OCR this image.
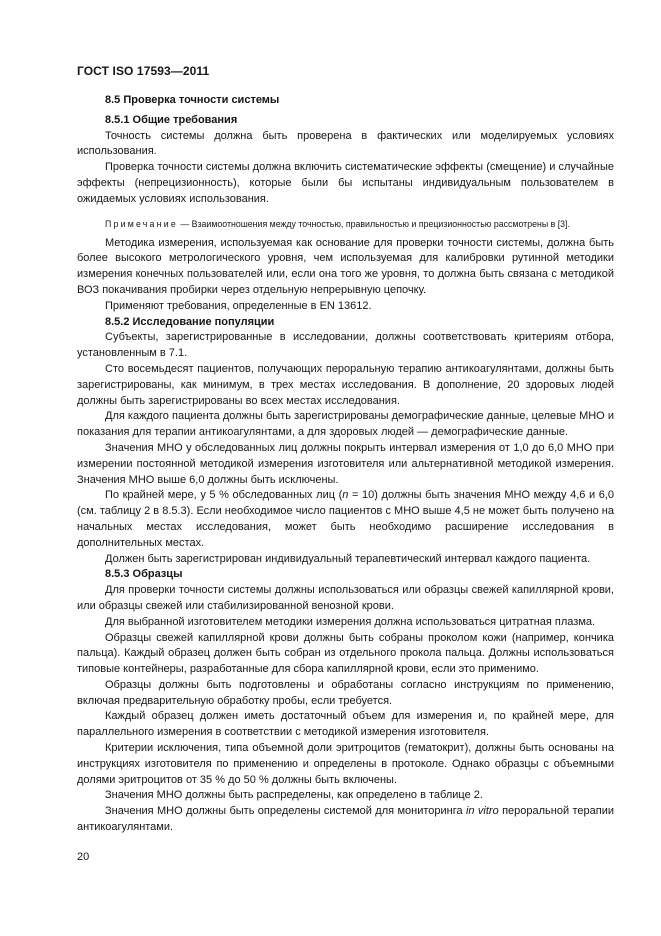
ГОСТ ISO 17593—2011

8.5 Проверка точности системы

8.5.1 Общие требования

Точность системы должна быть проверена в фактических или моделируемых условиях использования.

Проверка точности системы должна включить систематические эффекты (смещение) и случайные эффекты (непрецизионность), которые были бы испытаны индивидуальным пользователем в ожидаемых условиях использования.

Примечание — Взаимоотношения между точностью, правильностью и прецизионностью рассмотрены в [3].

Методика измерения, используемая как основание для проверки точности системы, должна быть более высокого метрологического уровня, чем используемая для калибровки рутинной методики измерения конечных пользователей или, если она того же уровня, то должна быть связана с методикой ВОЗ покачивания пробирки через отдельную непрерывную цепочку.

Применяют требования, определенные в EN 13612.

8.5.2 Исследование популяции

Субъекты, зарегистрированные в исследовании, должны соответствовать критериям отбора, установленным в 7.1.

Сто восемьдесят пациентов, получающих пероральную терапию антикоагулянтами, должны быть зарегистрированы, как минимум, в трех местах исследования. В дополнение, 20 здоровых людей должны быть зарегистрированы во всех местах исследования.

Для каждого пациента должны быть зарегистрированы демографические данные, целевые МНО и показания для терапии антикоагулянтами, а для здоровых людей — демографические данные.

Значения МНО у обследованных лиц должны покрыть интервал измерения от 1,0 до 6,0 МНО при измерении постоянной методикой измерения изготовителя или альтернативной методикой измерения. Значения МНО выше 6,0 должны быть исключены.

По крайней мере, у 5 % обследованных лиц (n = 10) должны быть значения МНО между 4,6 и 6,0 (см. таблицу 2 в 8.5.3). Если необходимое число пациентов с МНО выше 4,5 не может быть получено на начальных местах исследования, может быть необходимо расширение исследования в дополнительных местах.

Должен быть зарегистрирован индивидуальный терапевтический интервал каждого пациента.

8.5.3 Образцы

Для проверки точности системы должны использоваться или образцы свежей капиллярной крови, или образцы свежей или стабилизированной венозной крови.

Для выбранной изготовителем методики измерения должна использоваться цитратная плазма.

Образцы свежей капиллярной крови должны быть собраны проколом кожи (например, кончика пальца). Каждый образец должен быть собран из отдельного прокола пальца. Должны использоваться типовые контейнеры, разработанные для сбора капиллярной крови, если это применимо.

Образцы должны быть подготовлены и обработаны согласно инструкциям по применению, включая предварительную обработку пробы, если требуется.

Каждый образец должен иметь достаточный объем для измерения и, по крайней мере, для параллельного измерения в соответствии с методикой измерения изготовителя.

Критерии исключения, типа объемной доли эритроцитов (гематокрит), должны быть основаны на инструкциях изготовителя по применению и определены в протоколе. Однако образцы с объемными долями эритроцитов от 35 % до 50 % должны быть включены.

Значения МНО должны быть распределены, как определено в таблице 2.

Значения МНО должны быть определены системой для мониторинга in vitro пероральной терапии антикоагулянтами.

20
